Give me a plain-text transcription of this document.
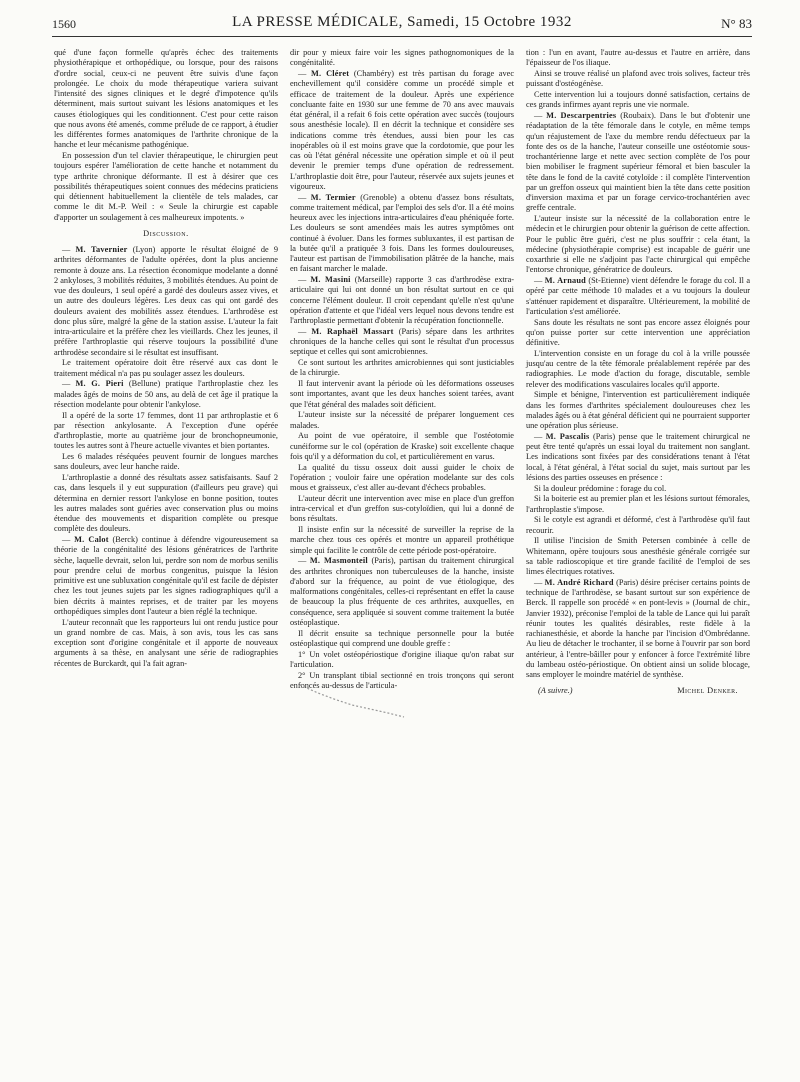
1560	LA PRESSE MÉDICALE, Samedi, 15 Octobre 1932	N° 83

qué d'une façon formelle qu'après échec des traitements physiothérapique et orthopédique, ou lorsque, pour des raisons d'ordre social, ceux-ci ne peuvent être suivis d'une façon prolongée. Le choix du mode thérapeutique variera suivant l'intensité des signes cliniques et le degré d'impotence qu'ils déterminent, mais surtout suivant les lésions anatomiques et les causes étiologiques qui les conditionnent. C'est pour cette raison que nous avons été amenés, comme prélude de ce rapport, à étudier les différentes formes anatomiques de l'arthrite chronique de la hanche et leur mécanisme pathogénique.

En possession d'un tel clavier thérapeutique, le chirurgien peut toujours espérer l'amélioration de cette hanche et notamment du type arthrite chronique déformante. Il est à désirer que ces possibilités thérapeutiques soient connues des médecins praticiens qui détiennent habituellement la clientèle de tels malades, car comme le dit M.-P. Weil : « Seule la chirurgie est capable d'apporter un soulagement à ces malheureux impotents. »

Discussion.

— M. Tavernier (Lyon) apporte le résultat éloigné de 9 arthrites déformantes de l'adulte opérées, dont la plus ancienne remonte à douze ans. La résection économique modelante a donné 2 ankyloses, 3 mobilités réduites, 3 mobilités étendues. Au point de vue des douleurs, 1 seul opéré a gardé des douleurs assez vives, et un autre des douleurs légères. Les deux cas qui ont gardé des douleurs avaient des mobilités assez étendues. L'arthrodèse est donc plus sûre, malgré la gêne de la station assise. L'auteur la fait intra-articulaire et la préfère chez les vieillards. Chez les jeunes, il préfère l'arthroplastie qui réserve toujours la possibilité d'une arthrodèse secondaire si le résultat est insuffisant.

Le traitement opératoire doit être réservé aux cas dont le traitement médical n'a pas pu soulager assez les douleurs.

— M. G. Pieri (Bellune) pratique l'arthroplastie chez les malades âgés de moins de 50 ans, au delà de cet âge il pratique la résection modelante pour obtenir l'ankylose.

Il a opéré de la sorte 17 femmes, dont 11 par arthroplastie et 6 par résection ankylosante. A l'exception d'une opérée d'arthroplastie, morte au quatrième jour de bronchopneumonie, toutes les autres sont à l'heure actuelle vivantes et bien portantes.

Les 6 malades réséquées peuvent fournir de longues marches sans douleurs, avec leur hanche raide.

L'arthroplastie a donné des résultats assez satisfaisants. Sauf 2 cas, dans lesquels il y eut suppuration (d'ailleurs peu grave) qui détermina en dernier ressort l'ankylose en bonne position, toutes les autres malades sont guéries avec conservation plus ou moins étendue des mouvements et disparition complète ou presque complète des douleurs.

— M. Calot (Berck) continue à défendre vigoureusement sa théorie de la congénitalité des lésions génératrices de l'arthrite sèche, laquelle devrait, selon lui, perdre son nom de morbus senilis pour prendre celui de morbus congenitus, puisque la lésion primitive est une subluxation congénitale qu'il est facile de dépister chez les tout jeunes sujets par les signes radiographiques qu'il a bien décrits à maintes reprises, et de traiter par les moyens orthopédiques simples dont l'auteur a bien réglé la technique.

L'auteur reconnaît que les rapporteurs lui ont rendu justice pour un grand nombre de cas. Mais, à son avis, tous les cas sans exception sont d'origine congénitale et il apporte de nouveaux arguments à sa thèse, en analysant une série de radiographies récentes de Burckardt, qui l'a fait agran-

dir pour y mieux faire voir les signes pathognomoniques de la congénitalité.

— M. Cléret (Chambéry) est très partisan du forage avec enchevillement qu'il considère comme un procédé simple et efficace de traitement de la douleur. Après une expérience concluante faite en 1930 sur une femme de 70 ans avec mauvais état général, il a refait 6 fois cette opération avec succès (toujours sous anesthésie locale). Il en décrit la technique et considère ses indications comme très étendues, aussi bien pour les cas inopérables où il est moins grave que la cordotomie, que pour les cas où l'état général nécessite une opération simple et où il peut devenir le premier temps d'une opération de redressement. L'arthroplastie doit être, pour l'auteur, réservée aux sujets jeunes et vigoureux.

— M. Termier (Grenoble) a obtenu d'assez bons résultats, comme traitement médical, par l'emploi des sels d'or. Il a été moins heureux avec les injections intra-articulaires d'eau phéniquée forte. Les douleurs se sont amendées mais les autres symptômes ont continué à évoluer. Dans les formes subluxantes, il est partisan de la butée qu'il a pratiquée 3 fois. Dans les formes douloureuses, l'auteur est partisan de l'immobilisation plâtrée de la hanche, mais en faisant marcher le malade.

— M. Masini (Marseille) rapporte 3 cas d'arthrodèse extra-articulaire qui lui ont donné un bon résultat surtout en ce qui concerne l'élément douleur. Il croit cependant qu'elle n'est qu'une opération d'attente et que l'idéal vers lequel nous devons tendre est l'arthroplastie permettant d'obtenir la récupération fonctionnelle.

— M. Raphaël Massart (Paris) sépare dans les arthrites chroniques de la hanche celles qui sont le résultat d'un processus septique et celles qui sont amicrobiennes.

Ce sont surtout les arthrites amicrobiennes qui sont justiciables de la chirurgie.

Il faut intervenir avant la période où les déformations osseuses sont importantes, avant que les deux hanches soient tarées, avant que l'état général des malades soit déficient.

L'auteur insiste sur la nécessité de préparer longuement ces malades.

Au point de vue opératoire, il semble que l'ostéotomie cunéiforme sur le col (opération de Kraske) soit excellente chaque fois qu'il y a déformation du col, et particulièrement en varus.

La qualité du tissu osseux doit aussi guider le choix de l'opération ; vouloir faire une opération modelante sur des cols mous et graisseux, c'est aller au-devant d'échecs probables.

L'auteur décrit une intervention avec mise en place d'un greffon intra-cervical et d'un greffon sus-cotyloïdien, qui lui a donné de bons résultats.

Il insiste enfin sur la nécessité de surveiller la reprise de la marche chez tous ces opérés et montre un appareil prothétique simple qui facilite le contrôle de cette période post-opératoire.

— M. Masmonteil (Paris), partisan du traitement chirurgical des arthrites chroniques non tuberculeuses de la hanche, insiste d'abord sur la fréquence, au point de vue étiologique, des malformations congénitales, celles-ci représentant en effet la cause de beaucoup la plus fréquente de ces arthrites, auxquelles, en conséquence, sera appliquée si souvent comme traitement la butée ostéoplastique.

Il décrit ensuite sa technique personnelle pour la butée ostéoplastique qui comprend une double greffe :

1° Un volet ostéopériostique d'origine iliaque qu'on rabat sur l'articulation.

2° Un transplant tibial sectionné en trois tronçons qui seront enfoncés au-dessus de l'articula-

tion : l'un en avant, l'autre au-dessus et l'autre en arrière, dans l'épaisseur de l'os iliaque.

Ainsi se trouve réalisé un plafond avec trois solives, facteur très puissant d'ostéogénèse.

Cette intervention lui a toujours donné satisfaction, certains de ces grands infirmes ayant repris une vie normale.

— M. Descarpentries (Roubaix). Dans le but d'obtenir une réadaptation de la tête fémorale dans le cotyle, en même temps qu'un réajustement de l'axe du membre rendu défectueux par la fonte des os de la hanche, l'auteur conseille une ostéotomie sous-trochantérienne large et nette avec section complète de l'os pour bien mobiliser le fragment supérieur fémoral et bien basculer la tête dans le fond de la cavité cotyloïde : il complète l'intervention par un greffon osseux qui maintient bien la tête dans cette position d'inversion maxima et par un forage cervico-trochantérien avec greffe centrale.

L'auteur insiste sur la nécessité de la collaboration entre le médecin et le chirurgien pour obtenir la guérison de cette affection. Pour le public être guéri, c'est ne plus souffrir : cela étant, la médecine (physiothérapie comprise) est incapable de guérir une coxarthrie si elle ne s'adjoint pas l'acte chirurgical qui empêche l'entorse chronique, génératrice de douleurs.

— M. Arnaud (St-Etienne) vient défendre le forage du col. Il a opéré par cette méthode 10 malades et a vu toujours la douleur s'atténuer rapidement et disparaître. Ultérieurement, la mobilité de l'articulation s'est améliorée.

Sans doute les résultats ne sont pas encore assez éloignés pour qu'on puisse porter sur cette intervention une appréciation définitive.

L'intervention consiste en un forage du col à la vrille poussée jusqu'au centre de la tête fémorale préalablement repérée par des radiographies. Le mode d'action du forage, discutable, semble relever des modifications vasculaires locales qu'il apporte.

Simple et bénigne, l'intervention est particulièrement indiquée dans les formes d'arthrites spécialement douloureuses chez les malades âgés ou à état général déficient qui ne pourraient supporter une opération plus sérieuse.

— M. Pascalis (Paris) pense que le traitement chirurgical ne peut être tenté qu'après un essai loyal du traitement non sanglant. Les indications sont fixées par des considérations tenant à l'état local, à l'état général, à l'état social du sujet, mais surtout par les lésions des parties osseuses en présence :

Si la douleur prédomine : forage du col.

Si la boiterie est au premier plan et les lésions surtout fémorales, l'arthroplastie s'impose.

Si le cotyle est agrandi et déformé, c'est à l'arthrodèse qu'il faut recourir.

Il utilise l'incision de Smith Petersen combinée à celle de Whitemann, opère toujours sous anesthésie générale corrigée sur sa table radioscopique et tire grande facilité de l'emploi de ses limes électriques rotatives.

— M. André Richard (Paris) désire préciser certains points de technique de l'arthrodèse, se basant surtout sur son expérience de Berck. Il rappelle son procédé « en pont-levis » (Journal de chir., Janvier 1932), préconise l'emploi de la table de Lance qui lui paraît réunir toutes les qualités désirables, reste fidèle à la rachianesthésie, et aborde la hanche par l'incision d'Ombrédanne. Au lieu de détacher le trochanter, il se borne à l'ouvrir par son bord antérieur, à l'entre-bâiller pour y enfoncer à force l'extrémité libre du lambeau ostéo-périostique. On obtient ainsi un solide blocage, sans employer le moindre matériel de synthèse.

(A suivre.)	Michel Denker.
